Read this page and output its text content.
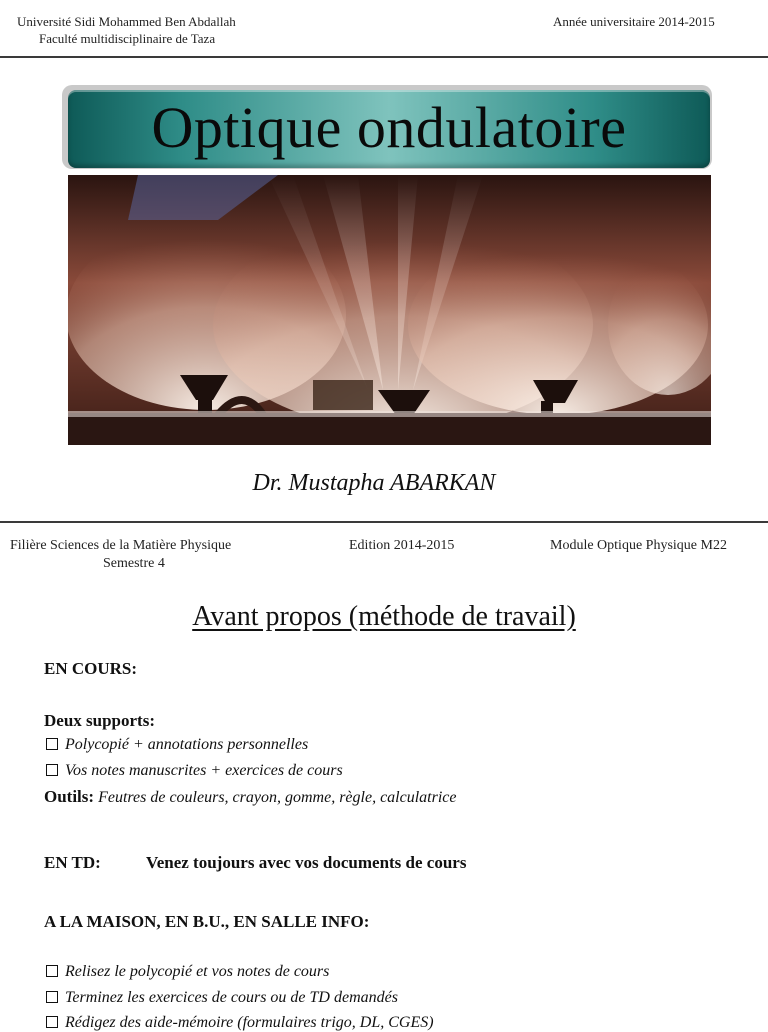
Université Sidi Mohammed Ben Abdallah
Faculté multidisciplinaire de Taza
Année universitaire 2014-2015
Optique ondulatoire
Dr. Mustapha ABARKAN
Filière Sciences de la Matière Physique
Semestre 4
Edition 2014-2015	Module Optique Physique M22
Avant propos (méthode de travail)
EN COURS:
Deux supports:
Polycopié + annotations personnelles
Vos notes manuscrites + exercices de cours
Outils: Feutres de couleurs, crayon, gomme, règle, calculatrice
EN TD:	Venez toujours avec vos documents de cours
A LA MAISON, EN B.U., EN SALLE INFO:
Relisez le polycopié et vos notes de cours
Terminez les exercices de cours ou de TD demandés
Rédigez des aide-mémoire (formulaires trigo, DL, CGES)
